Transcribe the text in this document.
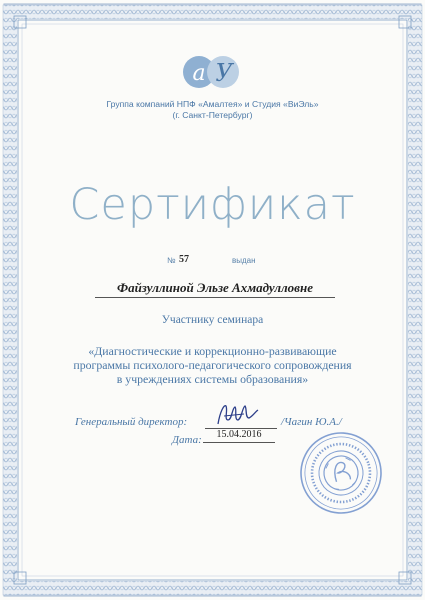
а У
Группа компаний НПФ «Амалтея» и Студия «ВиЭль»
(г. Санкт-Петербург)
Сертификат
№ 57	выдан
Файзуллиной Эльзе Ахмадулловне
Участнику семинара
«Диагностические и коррекционно-развивающие
программы психолого-педагогического сопровождения
в учреждениях системы образования»
Генеральный директор:	/Чагин Ю.А./
Дата:	15.04.2016
